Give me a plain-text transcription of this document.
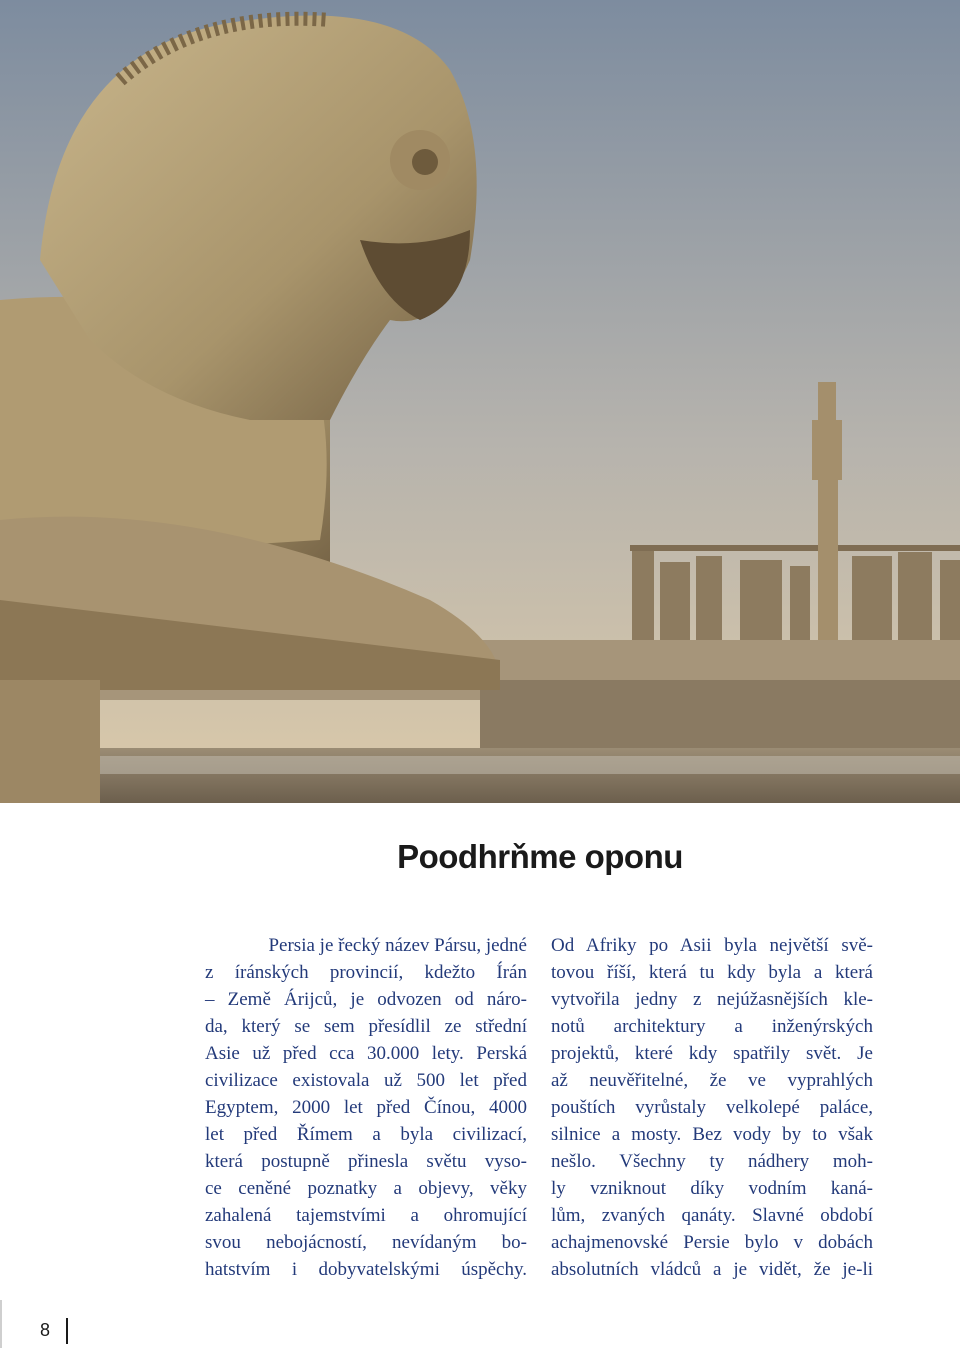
Poodhrňme oponu
Persia je řecký název Pársu, jedné
z íránských provincií, kdežto Írán
– Země Árijců, je odvozen od náro-
da, který se sem přesídlil ze střední
Asie už před cca 30.000 lety. Perská
civilizace existovala už 500 let před
Egyptem, 2000 let před Čínou, 4000
let před Římem a byla civilizací,
která postupně přinesla světu vyso-
ce ceněné poznatky a objevy, věky
zahalená tajemstvími a ohromující
svou nebojácností, nevídaným bo-
hatstvím i dobyvatelskými úspěchy.
Od Afriky po Asii byla největší svě-
tovou říší, která tu kdy byla a která
vytvořila jedny z nejúžasnějších kle-
notů architektury a inženýrských
projektů, které kdy spatřily svět. Je
až neuvěřitelné, že ve vyprahlých
pouštích vyrůstaly velkolepé paláce,
silnice a mosty. Bez vody by to však
nešlo. Všechny ty nádhery moh-
ly vzniknout díky vodním kaná-
lům, zvaných qanáty. Slavné období
achajmenovské Persie bylo v dobách
absolutních vládců a je vidět, že je-li
8
